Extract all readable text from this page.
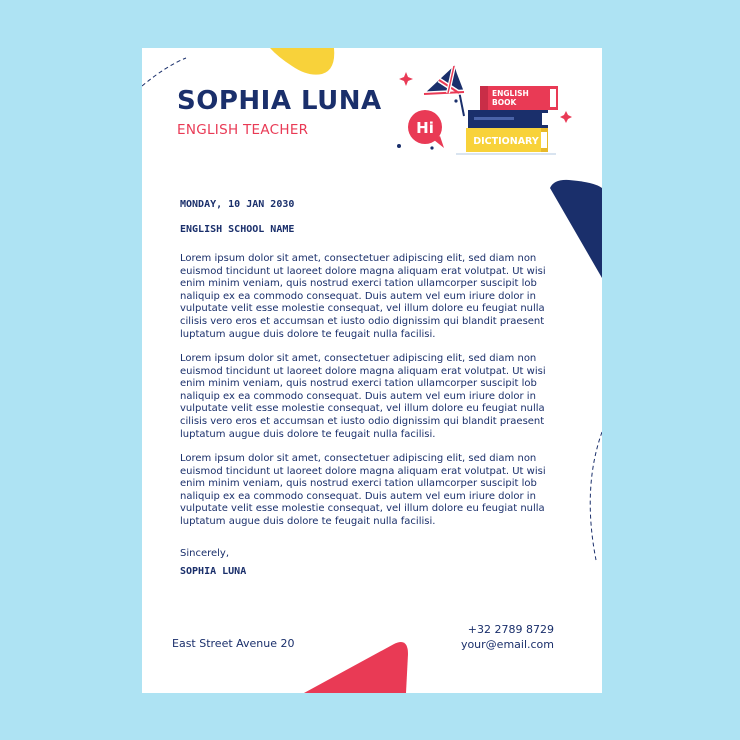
SOPHIA LUNA
ENGLISH TEACHER	Hi
DICTIONARY
ENGLISH
BOOK
MONDAY, 10 JAN 2030
ENGLISH SCHOOL NAME
Lorem ipsum dolor sit amet, consectetuer adipiscing elit, sed diam non
euismod tincidunt ut laoreet dolore magna aliquam erat volutpat. Ut wisi
enim minim veniam, quis nostrud exerci tation ullamcorper suscipit lob
naliquip ex ea commodo consequat. Duis autem vel eum iriure dolor in
vulputate velit esse molestie consequat, vel illum dolore eu feugiat nulla
cilisis vero eros et accumsan et iusto odio dignissim qui blandit praesent
luptatum augue duis dolore te feugait nulla facilisi.
Lorem ipsum dolor sit amet, consectetuer adipiscing elit, sed diam non
euismod tincidunt ut laoreet dolore magna aliquam erat volutpat. Ut wisi
enim minim veniam, quis nostrud exerci tation ullamcorper suscipit lob
naliquip ex ea commodo consequat. Duis autem vel eum iriure dolor in
vulputate velit esse molestie consequat, vel illum dolore eu feugiat nulla
cilisis vero eros et accumsan et iusto odio dignissim qui blandit praesent
luptatum augue duis dolore te feugait nulla facilisi.
Lorem ipsum dolor sit amet, consectetuer adipiscing elit, sed diam non
euismod tincidunt ut laoreet dolore magna aliquam erat volutpat. Ut wisi
enim minim veniam, quis nostrud exerci tation ullamcorper suscipit lob
naliquip ex ea commodo consequat. Duis autem vel eum iriure dolor in
vulputate velit esse molestie consequat, vel illum dolore eu feugiat nulla
luptatum augue duis dolore te feugait nulla facilisi.
Sincerely,
SOPHIA LUNA
East Street Avenue 20
+32 2789 8729
your@email.com
